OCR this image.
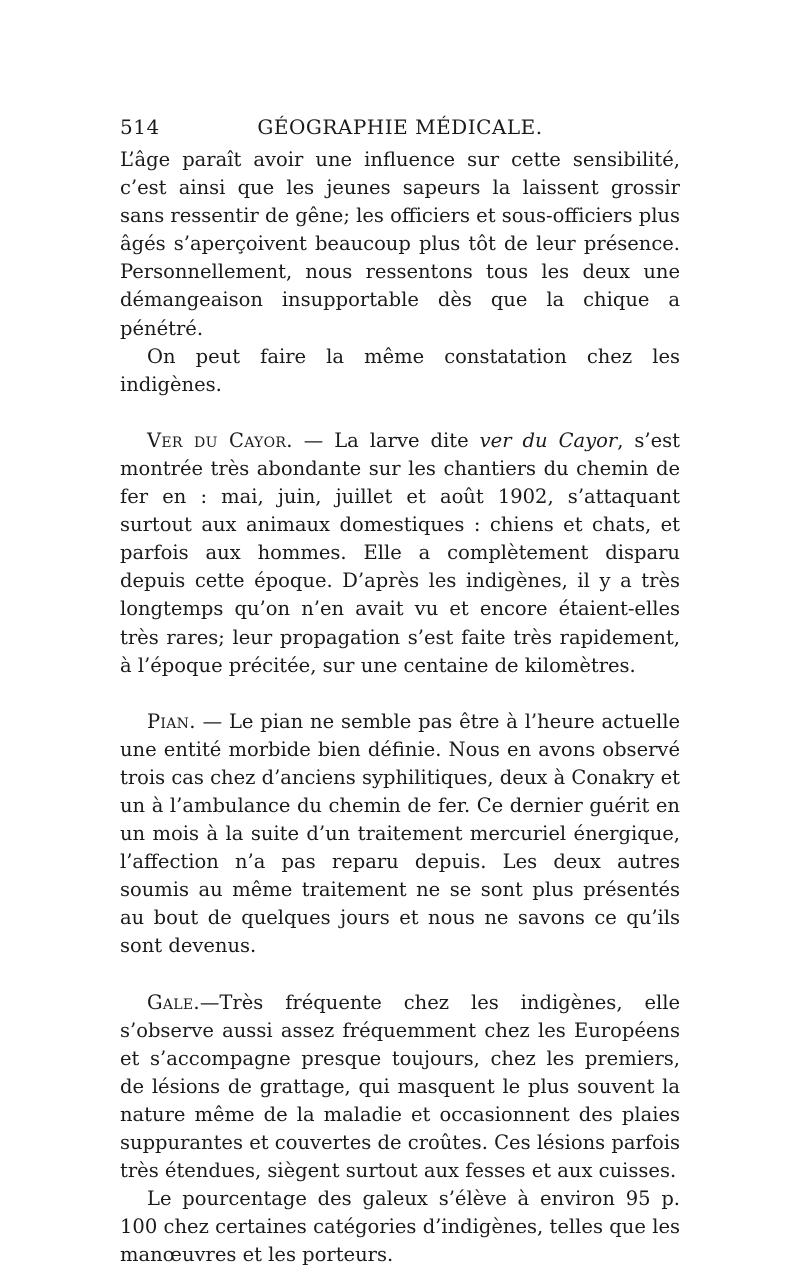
514	GÉOGRAPHIE MÉDICALE.

L’âge paraît avoir une influence sur cette sensibilité, c’est ainsi que les jeunes sapeurs la laissent grossir sans ressentir de gêne; les officiers et sous-officiers plus âgés s’aperçoivent beaucoup plus tôt de leur présence. Personnellement, nous ressentons tous les deux une démangeaison insupportable dès que la chique a pénétré.

On peut faire la même constatation chez les indigènes.

Ver du Cayor. — La larve dite ver du Cayor, s’est montrée très abondante sur les chantiers du chemin de fer en : mai, juin, juillet et août 1902, s’attaquant surtout aux animaux domestiques : chiens et chats, et parfois aux hommes. Elle a complètement disparu depuis cette époque. D’après les indigènes, il y a très longtemps qu’on n’en avait vu et encore étaient-elles très rares; leur propagation s’est faite très rapidement, à l’époque précitée, sur une centaine de kilomètres.

Pian. — Le pian ne semble pas être à l’heure actuelle une entité morbide bien définie. Nous en avons observé trois cas chez d’anciens syphilitiques, deux à Conakry et un à l’ambulance du chemin de fer. Ce dernier guérit en un mois à la suite d’un traitement mercuriel énergique, l’affection n’a pas reparu depuis. Les deux autres soumis au même traitement ne se sont plus présentés au bout de quelques jours et nous ne savons ce qu’ils sont devenus.

Gale.—Très fréquente chez les indigènes, elle s’observe aussi assez fréquemment chez les Européens et s’accompagne presque toujours, chez les premiers, de lésions de grattage, qui masquent le plus souvent la nature même de la maladie et occasionnent des plaies suppurantes et couvertes de croûtes. Ces lésions parfois très étendues, siègent surtout aux fesses et aux cuisses.

Le pourcentage des galeux s’élève à environ 95 p. 100 chez certaines catégories d’indigènes, telles que les manœuvres et les porteurs.
